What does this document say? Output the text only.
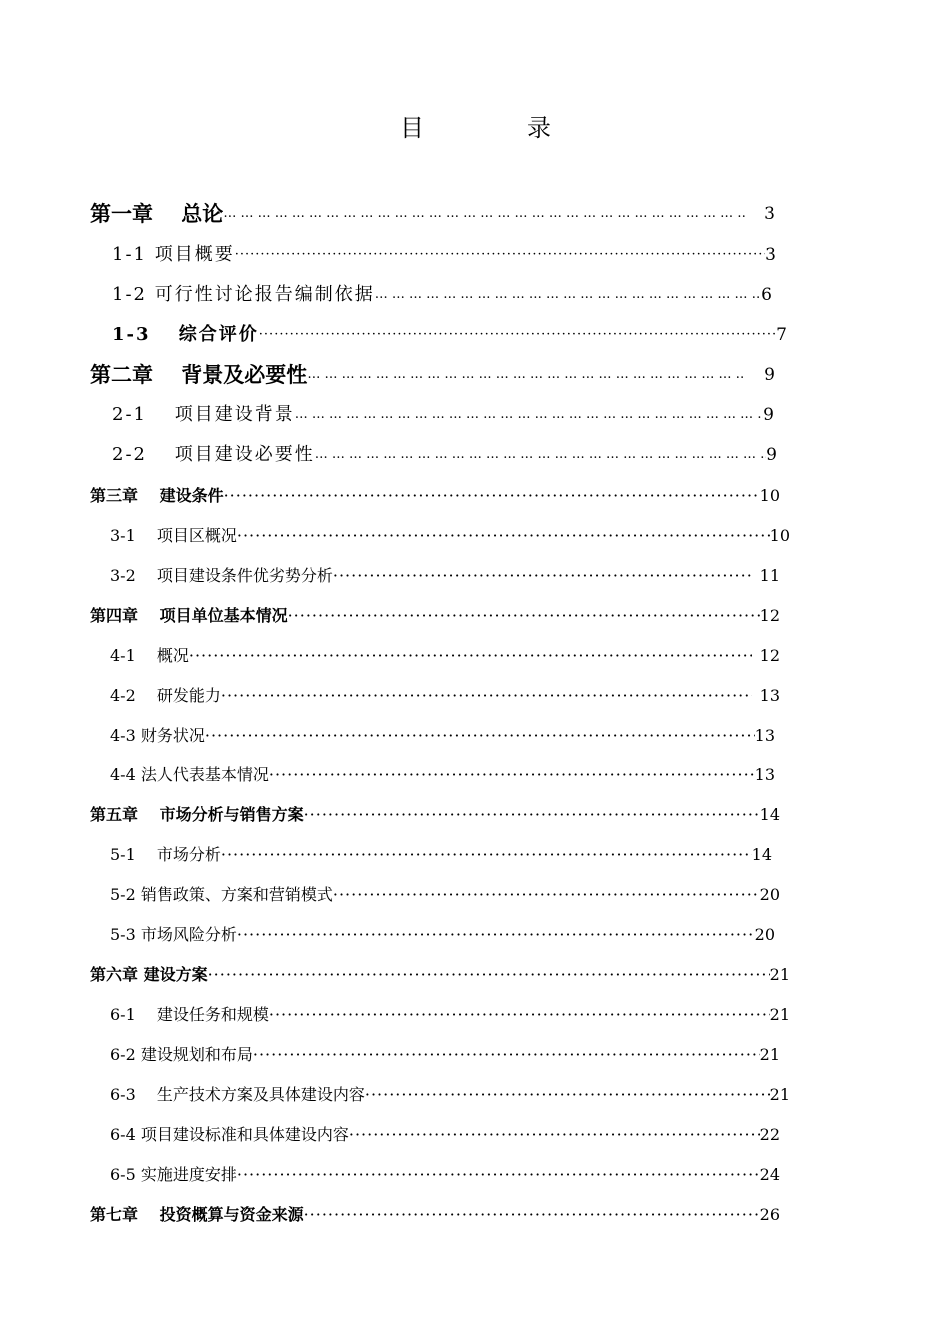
目	录
第一章　 总论 … … … … … … … … … … … … … … … … … … … … … … … … … … … … … … … … … … … … … … … … … … … … … … … … … … … … … … … … … … … … …	3
1-1 项目概要 ·····	3
1-2 可行性讨论报告编制依据 … … … … … … … … … … … … … … … … … … … … … … … … … … … … … … … … … … … … … … … … … … … … … … … … … … … … … … … … … … … … …	6
1-3　 综合评价 ·····	7
第二章　 背景及必要性 … … … … … … … … … … … … … … … … … … … … … … … … … … … … … … … … … … … … … … … … … … … … … … … … … … … … … … … … … … … … …	9
2-1　 项目建设背景 … … … … … … … … … … … … … … … … … … … … … … … … … … … … … … … … … … … … … … … … … … … … … … … … … … … … … … … … … … … … …	9
2-2　 项目建设必要性 … … … … … … … … … … … … … … … … … … … … … … … … … … … … … … … … … … … … … … … … … … … … … … … … … … … … … … … … … … … … …	9
第三章　 建设条件 ·····	10
3-1　 项目区概况 ·····	10
3-2　 项目建设条件优劣势分析 ·····	11
第四章　 项目单位基本情况 ·····	12
4-1　 概况 ·····	12
4-2　 研发能力 ·····	13
4-3 财务状况 ·····	13
4-4 法人代表基本情况 ·····	13
第五章　 市场分析与销售方案 ·····	14
5-1　 市场分析 ·····	14
5-2 销售政策、方案和营销模式 ·····	20
5-3 市场风险分析 ·····	20
第六章 建设方案 ·····	21
6-1　 建设任务和规模 ·····	21
6-2 建设规划和布局 ·····	21
6-3　 生产技术方案及具体建设内容 ·····	21
6-4 项目建设标准和具体建设内容 ·····	22
6-5 实施进度安排 ·····	24
第七章　 投资概算与资金来源 ·····	26
